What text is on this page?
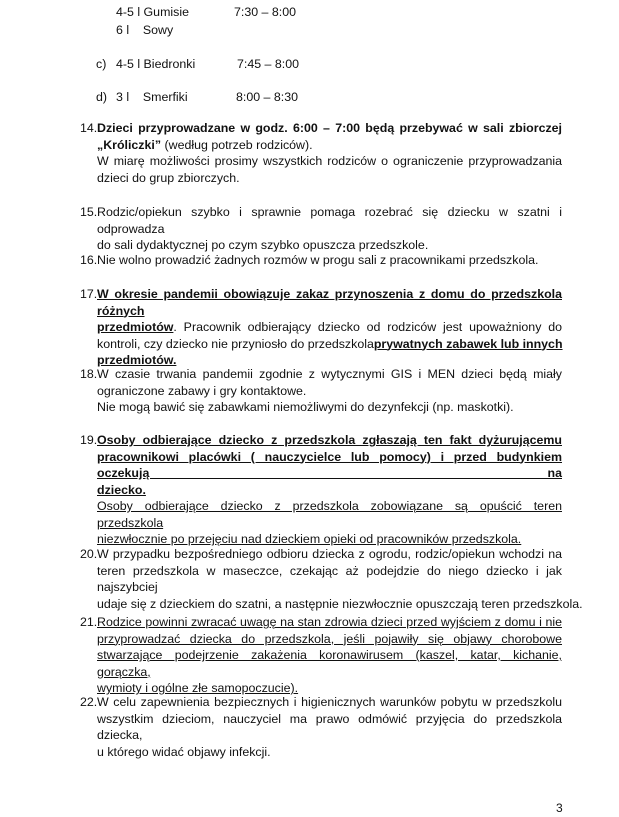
4-5 l Gumisie	7:30 – 8:00
6 l    Sowy
c) 4-5 l Biedronki	7:45 – 8:00
d) 3 l    Smerfiki	8:00 – 8:30
14. Dzieci przyprowadzane w godz. 6:00 – 7:00 będą przebywać w sali zbiorczej
„Króliczki” (według potrzeb rodziców).
W miarę możliwości prosimy wszystkich rodziców o ograniczenie przyprowadzania
dzieci do grup zbiorczych.
15. Rodzic/opiekun szybko i sprawnie pomaga rozebrać się dziecku w szatni i odprowadza
do sali dydaktycznej po czym szybko opuszcza przedszkole.
16. Nie wolno prowadzić żadnych rozmów w progu sali z pracownikami przedszkola.
17. W okresie pandemii obowiązuje zakaz przynoszenia z domu do przedszkola różnych
przedmiotów. Pracownik odbierający dziecko od rodziców jest upoważniony do
kontroli, czy dziecko nie przyniosło do przedszkola prywatnych zabawek lub innych
przedmiotów.
18. W czasie trwania pandemii zgodnie z wytycznymi GIS i MEN dzieci będą miały
ograniczone zabawy i gry kontaktowe.
Nie mogą bawić się zabawkami niemożliwymi do dezynfekcji (np. maskotki).
19. Osoby odbierające dziecko z przedszkola zgłaszają ten fakt dyżurującemu
pracownikowi placówki ( nauczycielce lub pomocy) i przed budynkiem oczekują na
dziecko.
Osoby odbierające dziecko z przedszkola zobowiązane są opuścić teren przedszkola
niezwłocznie po przejęciu nad dzieckiem opieki od pracowników przedszkola.
20. W przypadku bezpośredniego odbioru dziecka z ogrodu, rodzic/opiekun wchodzi na
teren przedszkola w maseczce, czekając aż podejdzie do niego dziecko i jak najszybciej
udaje się z dzieckiem do szatni, a następnie niezwłocznie opuszczają teren przedszkola.
21. Rodzice powinni zwracać uwagę na stan zdrowia dzieci przed wyjściem z domu i nie
przyprowadzać dziecka do przedszkola, jeśli pojawiły się objawy chorobowe
stwarzające podejrzenie zakażenia koronawirusem (kaszel, katar, kichanie, gorączka,
wymioty i ogólne złe samopoczucie).
22. W celu zapewnienia bezpiecznych i higienicznych warunków pobytu w przedszkolu
wszystkim dzieciom, nauczyciel ma prawo odmówić przyjęcia do przedszkola dziecka,
u którego widać objawy infekcji.
3
